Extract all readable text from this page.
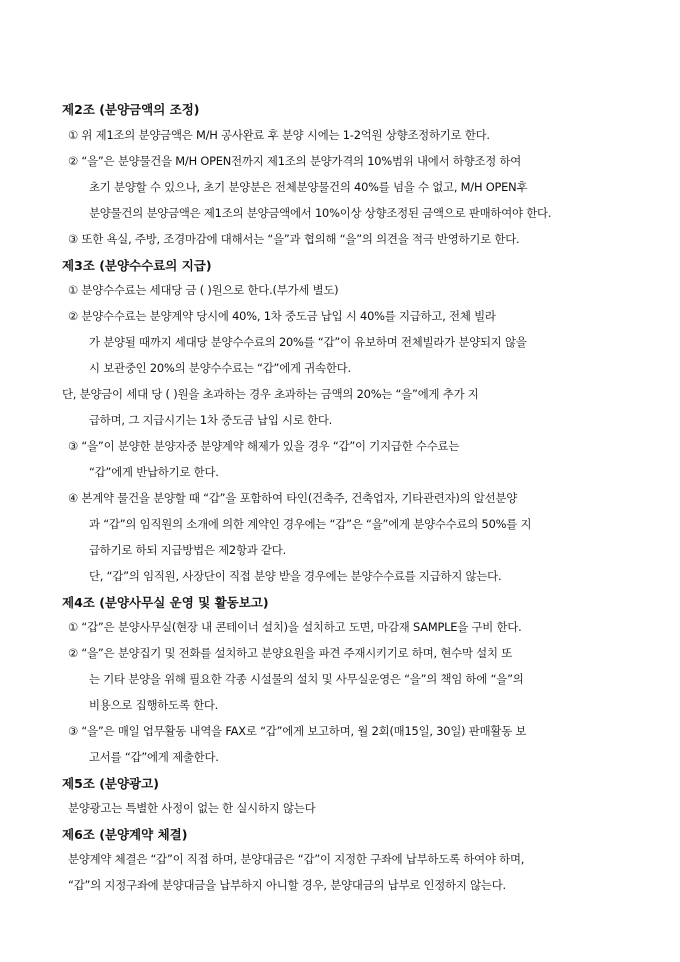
제2조 (분양금액의 조정)
① 위 제1조의 분양금액은 M/H 공사완료 후 분양 시에는 1-2억원 상향조정하기로 한다.
② “을”은 분양물건을 M/H OPEN전까지 제1조의 분양가격의 10%범위 내에서 하향조정 하여
초기 분양할 수 있으나, 초기 분양분은 전체분양물건의 40%를 넘을 수 없고, M/H OPEN후
분양물건의 분양금액은 제1조의 분양금액에서 10%이상 상향조정된 금액으로 판매하여야 한다.
③ 또한 욕실, 주방, 조경마감에 대해서는 “을”과 협의해 “을”의 의견을 적극 반영하기로 한다.
제3조 (분양수수료의 지급)
① 분양수수료는 세대당 금 ( )원으로 한다.(부가세 별도)
② 분양수수료는 분양계약 당시에 40%, 1차 중도금 납입 시 40%를 지급하고, 전체 빌라
가 분양될 때까지 세대당 분양수수료의 20%를 “갑”이 유보하며 전체빌라가 분양되지 않을
시 보관중인 20%의 분양수수료는 “갑”에게 귀속한다.
단, 분양금이 세대 당 ( )원을 초과하는 경우 초과하는 금액의 20%는 “을”에게 추가 지
급하며, 그 지급시기는 1차 중도금 납입 시로 한다.
③ “을”이 분양한 분양자중 분양계약 해제가 있을 경우 “갑”이 기지급한 수수료는
“갑”에게 반납하기로 한다.
④ 본계약 물건을 분양할 때 “갑”을 포함하여 타인(건축주, 건축업자, 기타관련자)의 알선분양
과 “갑”의 임직원의 소개에 의한 계약인 경우에는 “갑”은 “을”에게 분양수수료의 50%를 지
급하기로 하되 지급방법은 제2항과 같다.
단, “갑”의 임직원, 사장단이 직접 분양 받을 경우에는 분양수수료를 지급하지 않는다.
제4조 (분양사무실 운영 및 활동보고)
① “갑”은 분양사무실(현장 내 콘테이너 설치)을 설치하고 도면, 마감재 SAMPLE을 구비 한다.
② “을”은 분양집기 및 전화를 설치하고 분양요원을 파견 주재시키기로 하며, 현수막 설치 또
는 기타 분양을 위해 필요한 각종 시설물의 설치 및 사무실운영은 “을”의 책임 하에 “을”의
비용으로 집행하도록 한다.
③ “을”은 매일 업무활동 내역을 FAX로 “갑”에게 보고하며, 월 2회(매15일, 30일) 판매활동 보
고서를 “갑”에게 제출한다.
제5조 (분양광고)
분양광고는 특별한 사정이 없는 한 실시하지 않는다
제6조 (분양계약 체결)
분양계약 체결은 “갑”이 직접 하며, 분양대금은 “갑”이 지정한 구좌에 납부하도록 하여야 하며,
“갑”의 지정구좌에 분양대금을 납부하지 아니할 경우, 분양대금의 납부로 인정하지 않는다.
